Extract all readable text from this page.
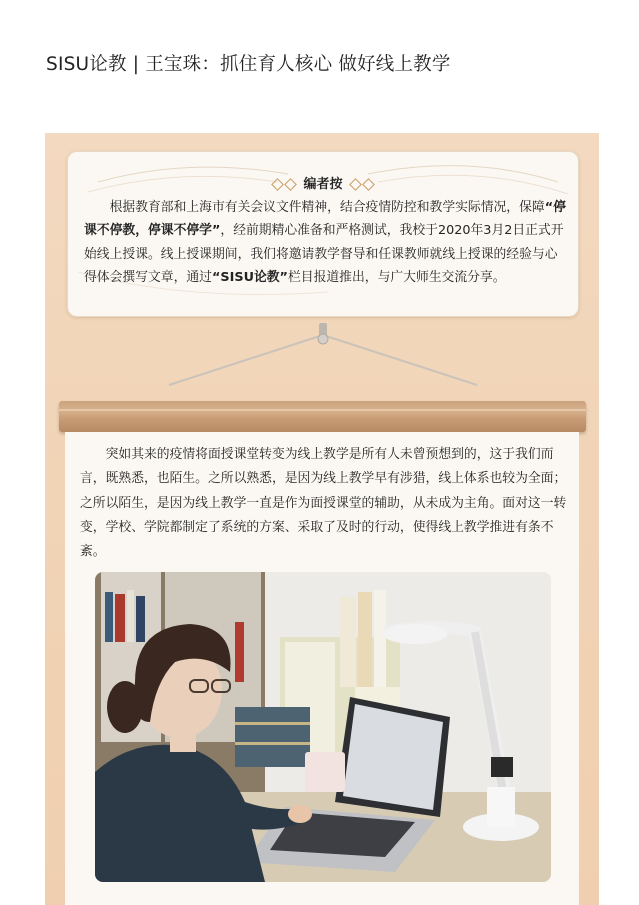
SISU论教 | 王宝珠：抓住育人核心 做好线上教学
编者按
根据教育部和上海市有关会议文件精神，结合疫情防控和教学实际情况，保障“停课不停教，停课不停学”，经前期精心准备和严格测试，我校于2020年3月2日正式开始线上授课。线上授课期间，我们将邀请教学督导和任课教师就线上授课的经验与心得体会撰写文章，通过“SISU论教”栏目报道推出，与广大师生交流分享。
突如其来的疫情将面授课堂转变为线上教学是所有人未曾预想到的，这于我们而言，既熟悉，也陌生。之所以熟悉，是因为线上教学早有涉猎，线上体系也较为全面；之所以陌生，是因为线上教学一直是作为面授课堂的辅助，从未成为主角。面对这一转变，学校、学院都制定了系统的方案、采取了及时的行动，使得线上教学推进有条不紊。
